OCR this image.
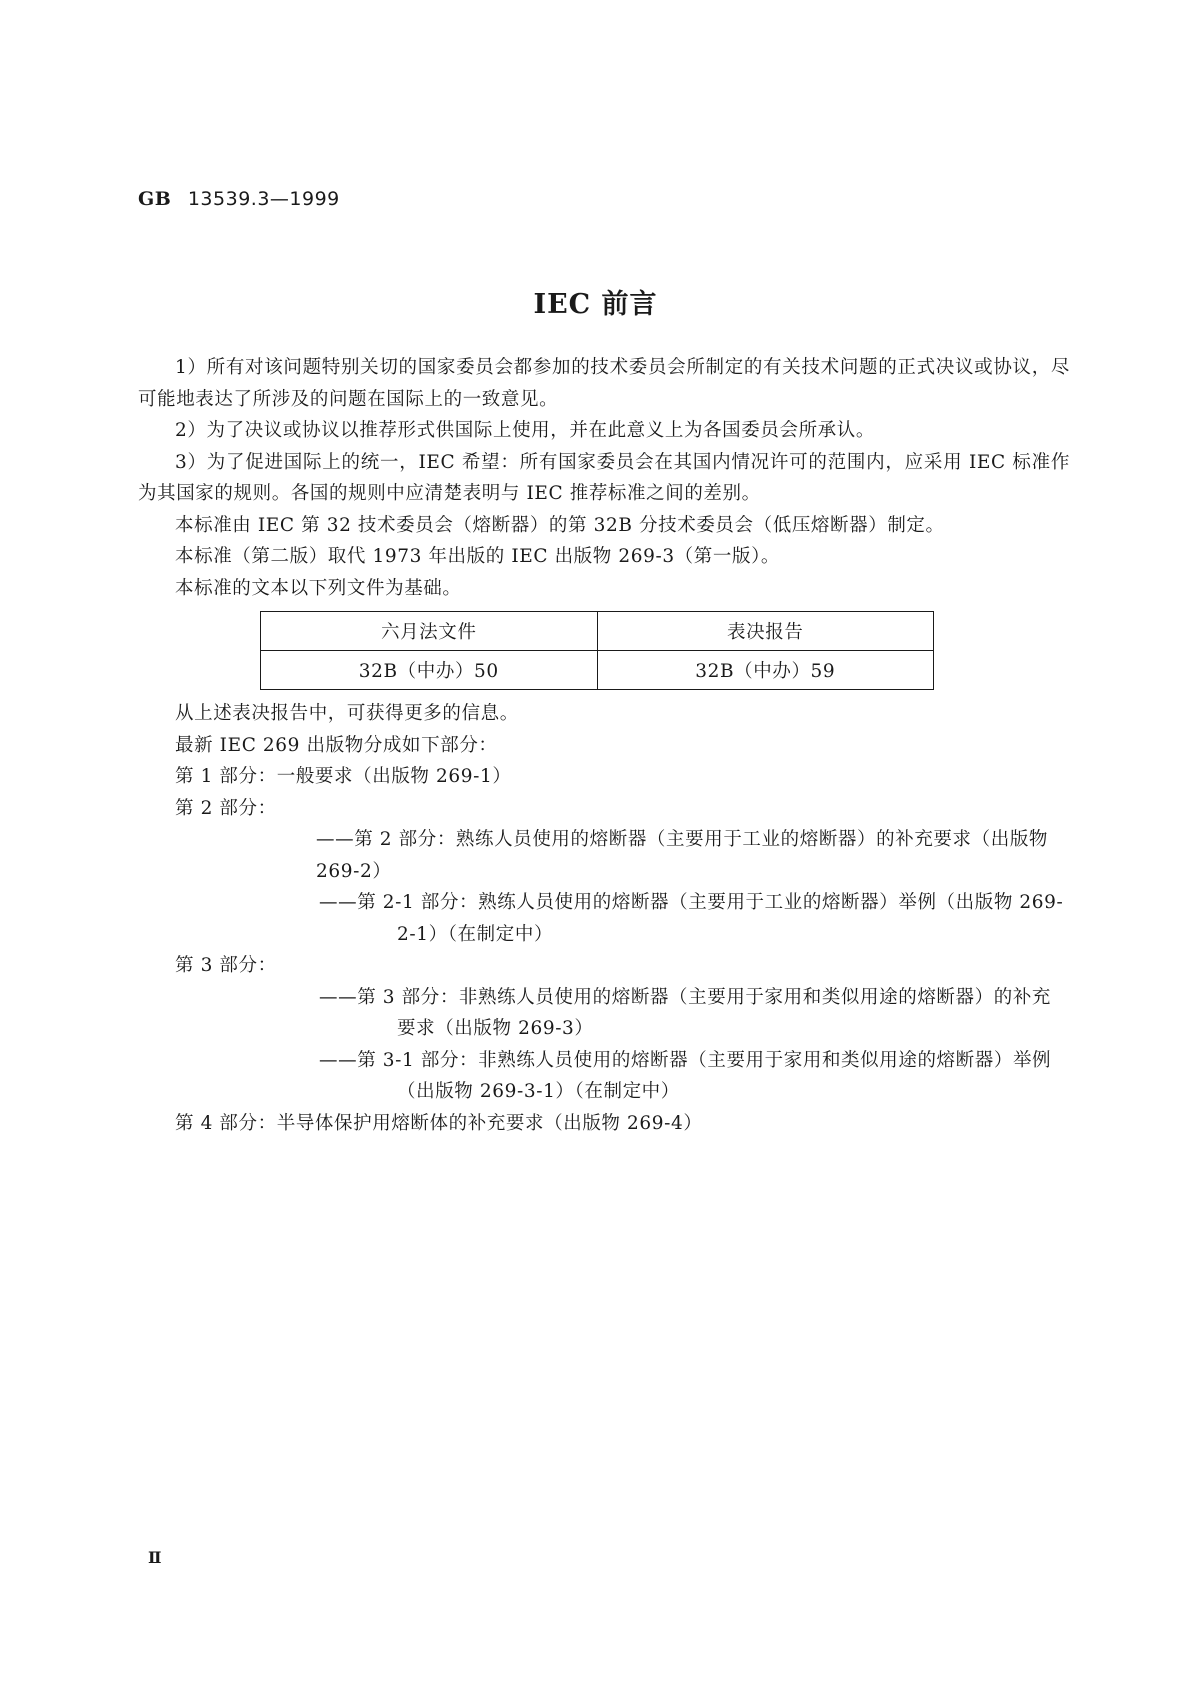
GB 13539.3—1999
IEC 前言

1）所有对该问题特别关切的国家委员会都参加的技术委员会所制定的有关技术问题的正式决议或协议，尽可能地表达了所涉及的问题在国际上的一致意见。

2）为了决议或协议以推荐形式供国际上使用，并在此意义上为各国委员会所承认。

3）为了促进国际上的统一，IEC 希望：所有国家委员会在其国内情况许可的范围内，应采用 IEC 标准作为其国家的规则。各国的规则中应清楚表明与 IEC 推荐标准之间的差别。

本标准由 IEC 第 32 技术委员会（熔断器）的第 32B 分技术委员会（低压熔断器）制定。

本标准（第二版）取代 1973 年出版的 IEC 出版物 269-3（第一版）。

本标准的文本以下列文件为基础。

六月法文件	表决报告
32B（中办）50	32B（中办）59

从上述表决报告中，可获得更多的信息。

最新 IEC 269 出版物分成如下部分：

第 1 部分：一般要求（出版物 269-1）

第 2 部分：

——第 2 部分：熟练人员使用的熔断器（主要用于工业的熔断器）的补充要求（出版物 269-2）

——第 2-1 部分：熟练人员使用的熔断器（主要用于工业的熔断器）举例（出版物 269-2-1）（在制定中）

第 3 部分：

——第 3 部分：非熟练人员使用的熔断器（主要用于家用和类似用途的熔断器）的补充要求（出版物 269-3）

——第 3-1 部分：非熟练人员使用的熔断器（主要用于家用和类似用途的熔断器）举例（出版物 269-3-1）（在制定中）

第 4 部分：半导体保护用熔断体的补充要求（出版物 269-4）

Ⅱ
